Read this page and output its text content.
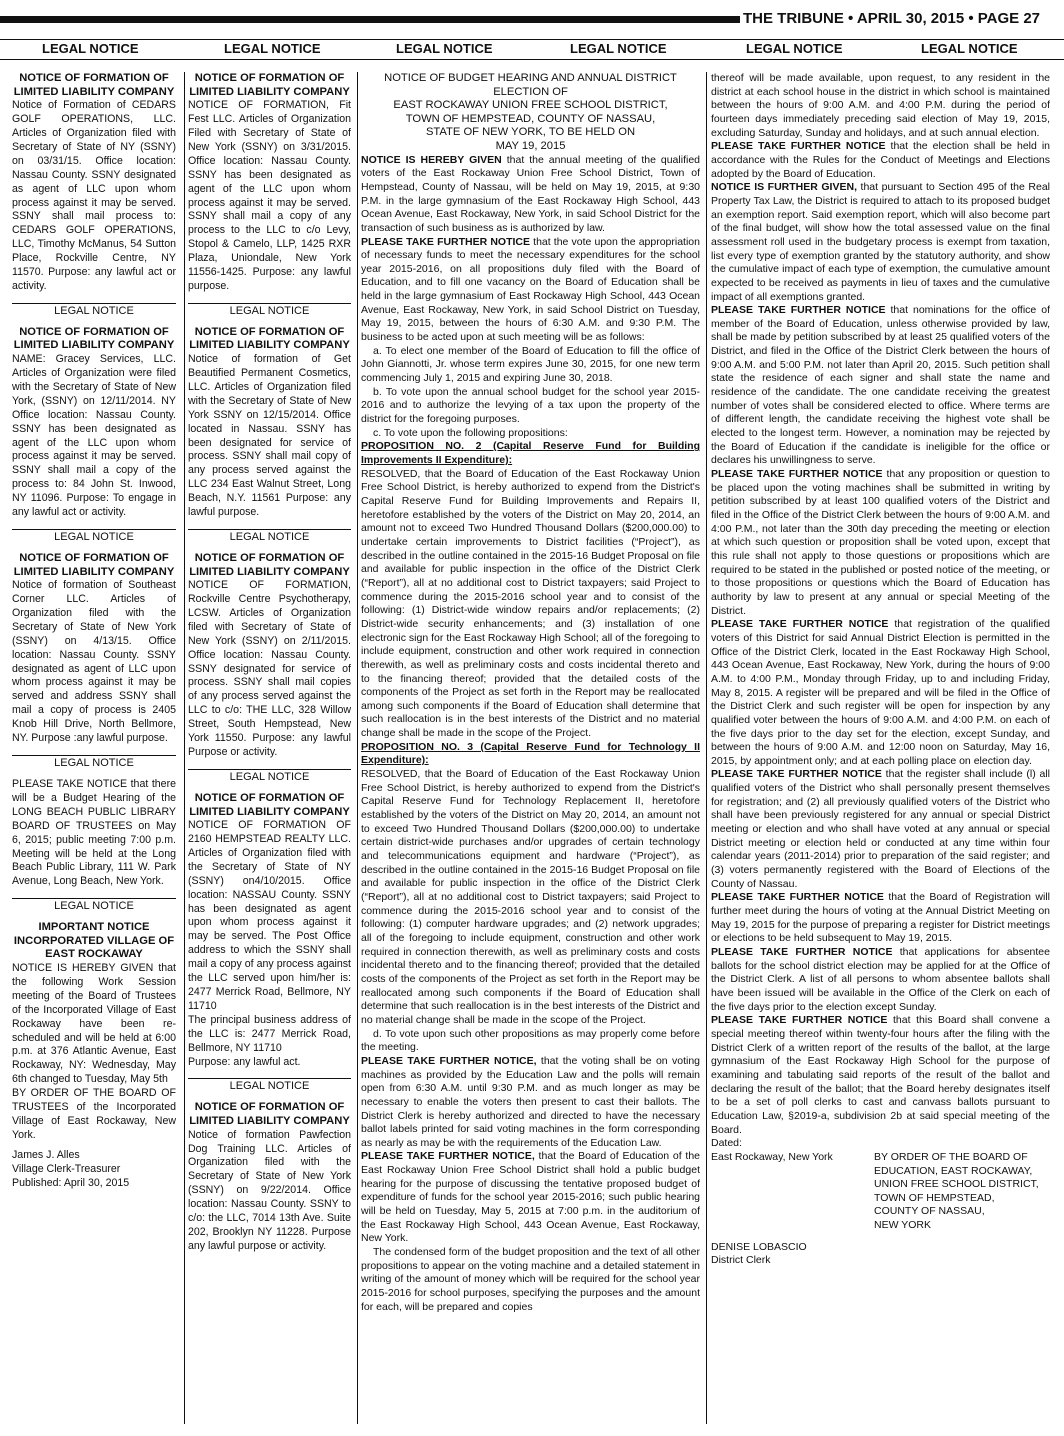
THE TRIBUNE • APRIL 30, 2015 • PAGE 27
LEGAL NOTICE	LEGAL NOTICE	LEGAL NOTICE	LEGAL NOTICE	LEGAL NOTICE	LEGAL NOTICE

NOTICE OF FORMATION OF LIMITED LIABILITY COMPANY

Notice of Formation of CEDARS GOLF OPERATIONS, LLC. Articles of Organization filed with Secretary of State of NY (SSNY) on 03/31/15. Office location: Nassau County. SSNY designated as agent of LLC upon whom process against it may be served. SSNY shall mail process to: CEDARS GOLF OPERATIONS, LLC, Timothy McManus, 54 Sutton Place, Rockville Centre, NY 11570. Purpose: any lawful act or activity.

LEGAL NOTICE

NOTICE OF FORMATION OF LIMITED LIABILITY COMPANY

NAME: Gracey Services, LLC. Articles of Organization were filed with the Secretary of State of New York, (SSNY) on 12/11/2014. NY Office location: Nassau County. SSNY has been designated as agent of the LLC upon whom process against it may be served. SSNY shall mail a copy of the process to: 84 John St. Inwood, NY 11096. Purpose: To engage in any lawful act or activity.

LEGAL NOTICE

NOTICE OF FORMATION OF LIMITED LIABILITY COMPANY

Notice of formation of Southeast Corner LLC. Articles of Organization filed with the Secretary of State of New York (SSNY) on 4/13/15. Office location: Nassau County. SSNY designated as agent of LLC upon whom process against it may be served and address SSNY shall mail a copy of process is 2405 Knob Hill Drive, North Bellmore, NY. Purpose :any lawful purpose.

LEGAL NOTICE

PLEASE TAKE NOTICE that there will be a Budget Hearing of the LONG BEACH PUBLIC LIBRARY BOARD OF TRUSTEES on May 6, 2015; public meeting 7:00 p.m. Meeting will be held at the Long Beach Public Library, 111 W. Park Avenue, Long Beach, New York.

LEGAL NOTICE

IMPORTANT NOTICE INCORPORATED VILLAGE OF EAST ROCKAWAY

NOTICE IS HEREBY GIVEN that the following Work Session meeting of the Board of Trustees of the Incorporated Village of East Rockaway have been re-scheduled and will be held at 6:00 p.m. at 376 Atlantic Avenue, East Rockaway, NY: Wednesday, May 6th changed to Tuesday, May 5th

BY ORDER OF THE BOARD OF TRUSTEES of the Incorporated Village of East Rockaway, New York.

James J. Alles

Village Clerk-Treasurer

Published: April 30, 2015

NOTICE OF FORMATION OF LIMITED LIABILITY COMPANY

NOTICE OF FORMATION, Fit Fest LLC. Articles of Organization Filed with Secretary of State of New York (SSNY) on 3/31/2015. Office location: Nassau County. SSNY has been designated as agent of the LLC upon whom process against it may be served. SSNY shall mail a copy of any process to the LLC to c/o Levy, Stopol & Camelo, LLP, 1425 RXR Plaza, Uniondale, New York 11556-1425. Purpose: any lawful purpose.

LEGAL NOTICE

NOTICE OF FORMATION OF LIMITED LIABILITY COMPANY

Notice of formation of Get Beautified Permanent Cosmetics, LLC. Articles of Organization filed with the Secretary of State of New York SSNY on 12/15/2014. Office located in Nassau. SSNY has been designated for service of process. SSNY shall mail copy of any process served against the LLC 234 East Walnut Street, Long Beach, N.Y. 11561 Purpose: any lawful purpose.

LEGAL NOTICE

NOTICE OF FORMATION OF LIMITED LIABILITY COMPANY

NOTICE OF FORMATION, Rockville Centre Psychotherapy, LCSW. Articles of Organization filed with Secretary of State of New York (SSNY) on 2/11/2015. Office location: Nassau County. SSNY designated for service of process. SSNY shall mail copies of any process served against the LLC to c/o: THE LLC, 328 Willow Street, South Hempstead, New York 11550. Purpose: any lawful Purpose or activity.

LEGAL NOTICE

NOTICE OF FORMATION OF LIMITED LIABILITY COMPANY

NOTICE OF FORMATION OF 2160 HEMPSTEAD REALTY LLC. Articles of Organization filed with the Secretary of State of NY (SSNY) on4/10/2015. Office location: NASSAU County. SSNY has been designated as agent upon whom process against it may be served. The Post Office address to which the SSNY shall mail a copy of any process against the LLC served upon him/her is: 2477 Merrick Road, Bellmore, NY 11710

The principal business address of the LLC is: 2477 Merrick Road, Bellmore, NY 11710

Purpose: any lawful act.

LEGAL NOTICE

NOTICE OF FORMATION OF LIMITED LIABILITY COMPANY

Notice of formation Pawfection Dog Training LLC. Articles of Organization filed with the Secretary of State of New York (SSNY) on 9/22/2014. Office location: Nassau County. SSNY to c/o: the LLC, 7014 13th Ave. Suite 202, Brooklyn NY 11228. Purpose any lawful purpose or activity.

NOTICE OF BUDGET HEARING AND ANNUAL DISTRICT ELECTION OF

EAST ROCKAWAY UNION FREE SCHOOL DISTRICT,

TOWN OF HEMPSTEAD, COUNTY OF NASSAU,

STATE OF NEW YORK, TO BE HELD ON

MAY 19, 2015

NOTICE IS HEREBY GIVEN that the annual meeting of the qualified voters of the East Rockaway Union Free School District, Town of Hempstead, County of Nassau, will be held on May 19, 2015, at 9:30 P.M. in the large gymnasium of the East Rockaway High School, 443 Ocean Avenue, East Rockaway, New York, in said School District for the transaction of such business as is authorized by law.

PLEASE TAKE FURTHER NOTICE that the vote upon the appropriation of necessary funds to meet the necessary expenditures for the school year 2015-2016, on all propositions duly filed with the Board of Education, and to fill one vacancy on the Board of Education shall be held in the large gymnasium of East Rockaway High School, 443 Ocean Avenue, East Rockaway, New York, in said School District on Tuesday, May 19, 2015, between the hours of 6:30 A.M. and 9:30 P.M. The business to be acted upon at such meeting will be as follows:

a. To elect one member of the Board of Education to fill the office of John Giannotti, Jr. whose term expires June 30, 2015, for one new term commencing July 1, 2015 and expiring June 30, 2018.

b. To vote upon the annual school budget for the school year 2015-2016 and to authorize the levying of a tax upon the property of the district for the foregoing purposes.

c. To vote upon the following propositions:

PROPOSITION NO. 2 (Capital Reserve Fund for Building Improvements II Expenditure):

RESOLVED, that the Board of Education of the East Rockaway Union Free School District, is hereby authorized to expend from the District's Capital Reserve Fund for Building Improvements and Repairs II, heretofore established by the voters of the District on May 20, 2014, an amount not to exceed Two Hundred Thousand Dollars ($200,000.00) to undertake certain improvements to District facilities (“Project”), as described in the outline contained in the 2015-16 Budget Proposal on file and available for public inspection in the office of the District Clerk (“Report”), all at no additional cost to District taxpayers; said Project to commence during the 2015-2016 school year and to consist of the following: (1) District-wide window repairs and/or replacements; (2) District-wide security enhancements; and (3) installation of one electronic sign for the East Rockaway High School; all of the foregoing to include equipment, construction and other work required in connection therewith, as well as preliminary costs and costs incidental thereto and to the financing thereof; provided that the detailed costs of the components of the Project as set forth in the Report may be reallocated among such components if the Board of Education shall determine that such reallocation is in the best interests of the District and no material change shall be made in the scope of the Project.

PROPOSITION NO. 3 (Capital Reserve Fund for Technology II Expenditure):

RESOLVED, that the Board of Education of the East Rockaway Union Free School District, is hereby authorized to expend from the District's Capital Reserve Fund for Technology Replacement II, heretofore established by the voters of the District on May 20, 2014, an amount not to exceed Two Hundred Thousand Dollars ($200,000.00) to undertake certain district-wide purchases and/or upgrades of certain technology and telecommunications equipment and hardware (“Project”), as described in the outline contained in the 2015-16 Budget Proposal on file and available for public inspection in the office of the District Clerk (“Report”), all at no additional cost to District taxpayers; said Project to commence during the 2015-2016 school year and to consist of the following: (1) computer hardware upgrades; and (2) network upgrades; all of the foregoing to include equipment, construction and other work required in connection therewith, as well as preliminary costs and costs incidental thereto and to the financing thereof; provided that the detailed costs of the components of the Project as set forth in the Report may be reallocated among such components if the Board of Education shall determine that such reallocation is in the best interests of the District and no material change shall be made in the scope of the Project.

d. To vote upon such other propositions as may properly come before the meeting.

PLEASE TAKE FURTHER NOTICE, that the voting shall be on voting machines as provided by the Education Law and the polls will remain open from 6:30 A.M. until 9:30 P.M. and as much longer as may be necessary to enable the voters then present to cast their ballots. The District Clerk is hereby authorized and directed to have the necessary ballot labels printed for said voting machines in the form corresponding as nearly as may be with the requirements of the Education Law.

PLEASE TAKE FURTHER NOTICE, that the Board of Education of the East Rockaway Union Free School District shall hold a public budget hearing for the purpose of discussing the tentative proposed budget of expenditure of funds for the school year 2015-2016; such public hearing will be held on Tuesday, May 5, 2015 at 7:00 p.m. in the auditorium of the East Rockaway High School, 443 Ocean Avenue, East Rockaway, New York.

The condensed form of the budget proposition and the text of all other propositions to appear on the voting machine and a detailed statement in writing of the amount of money which will be required for the school year 2015-2016 for school purposes, specifying the purposes and the amount for each, will be prepared and copies

thereof will be made available, upon request, to any resident in the district at each school house in the district in which school is maintained between the hours of 9:00 A.M. and 4:00 P.M. during the period of fourteen days immediately preceding said election of May 19, 2015, excluding Saturday, Sunday and holidays, and at such annual election.

PLEASE TAKE FURTHER NOTICE that the election shall be held in accordance with the Rules for the Conduct of Meetings and Elections adopted by the Board of Education.

NOTICE IS FURTHER GIVEN, that pursuant to Section 495 of the Real Property Tax Law, the District is required to attach to its proposed budget an exemption report. Said exemption report, which will also become part of the final budget, will show how the total assessed value on the final assessment roll used in the budgetary process is exempt from taxation, list every type of exemption granted by the statutory authority, and show the cumulative impact of each type of exemption, the cumulative amount expected to be received as payments in lieu of taxes and the cumulative impact of all exemptions granted.

PLEASE TAKE FURTHER NOTICE that nominations for the office of member of the Board of Education, unless otherwise provided by law, shall be made by petition subscribed by at least 25 qualified voters of the District, and filed in the Office of the District Clerk between the hours of 9:00 A.M. and 5:00 P.M. not later than April 20, 2015. Such petition shall state the residence of each signer and shall state the name and residence of the candidate. The one candidate receiving the greatest number of votes shall be considered elected to office. Where terms are of different length, the candidate receiving the highest vote shall be elected to the longest term. However, a nomination may be rejected by the Board of Education if the candidate is ineligible for the office or declares his unwillingness to serve.

PLEASE TAKE FURTHER NOTICE that any proposition or question to be placed upon the voting machines shall be submitted in writing by petition subscribed by at least 100 qualified voters of the District and filed in the Office of the District Clerk between the hours of 9:00 A.M. and 4:00 P.M., not later than the 30th day preceding the meeting or election at which such question or proposition shall be voted upon, except that this rule shall not apply to those questions or propositions which are required to be stated in the published or posted notice of the meeting, or to those propositions or questions which the Board of Education has authority by law to present at any annual or special Meeting of the District.

PLEASE TAKE FURTHER NOTICE that registration of the qualified voters of this District for said Annual District Election is permitted in the Office of the District Clerk, located in the East Rockaway High School, 443 Ocean Avenue, East Rockaway, New York, during the hours of 9:00 A.M. to 4:00 P.M., Monday through Friday, up to and including Friday, May 8, 2015. A register will be prepared and will be filed in the Office of the District Clerk and such register will be open for inspection by any qualified voter between the hours of 9:00 A.M. and 4:00 P.M. on each of the five days prior to the day set for the election, except Sunday, and between the hours of 9:00 A.M. and 12:00 noon on Saturday, May 16, 2015, by appointment only; and at each polling place on election day.

PLEASE TAKE FURTHER NOTICE that the register shall include (l) all qualified voters of the District who shall personally present themselves for registration; and (2) all previously qualified voters of the District who shall have been previously registered for any annual or special District meeting or election and who shall have voted at any annual or special District meeting or election held or conducted at any time within four calendar years (2011-2014) prior to preparation of the said register; and (3) voters permanently registered with the Board of Elections of the County of Nassau.

PLEASE TAKE FURTHER NOTICE that the Board of Registration will further meet during the hours of voting at the Annual District Meeting on May 19, 2015 for the purpose of preparing a register for District meetings or elections to be held subsequent to May 19, 2015.

PLEASE TAKE FURTHER NOTICE that applications for absentee ballots for the school district election may be applied for at the Office of the District Clerk. A list of all persons to whom absentee ballots shall have been issued will be available in the Office of the Clerk on each of the five days prior to the election except Sunday.

PLEASE TAKE FURTHER NOTICE that this Board shall convene a special meeting thereof within twenty-four hours after the filing with the District Clerk of a written report of the results of the ballot, at the large gymnasium of the East Rockaway High School for the purpose of examining and tabulating said reports of the result of the ballot and declaring the result of the ballot; that the Board hereby designates itself to be a set of poll clerks to cast and canvass ballots pursuant to Education Law, §2019-a, subdivision 2b at said special meeting of the Board.

Dated:

East Rockaway, New York	BY ORDER OF THE BOARD OF
EDUCATION, EAST ROCKAWAY,
UNION FREE SCHOOL DISTRICT,
TOWN OF HEMPSTEAD,
COUNTY OF NASSAU,
NEW YORK

DENISE LOBASCIO

District Clerk
